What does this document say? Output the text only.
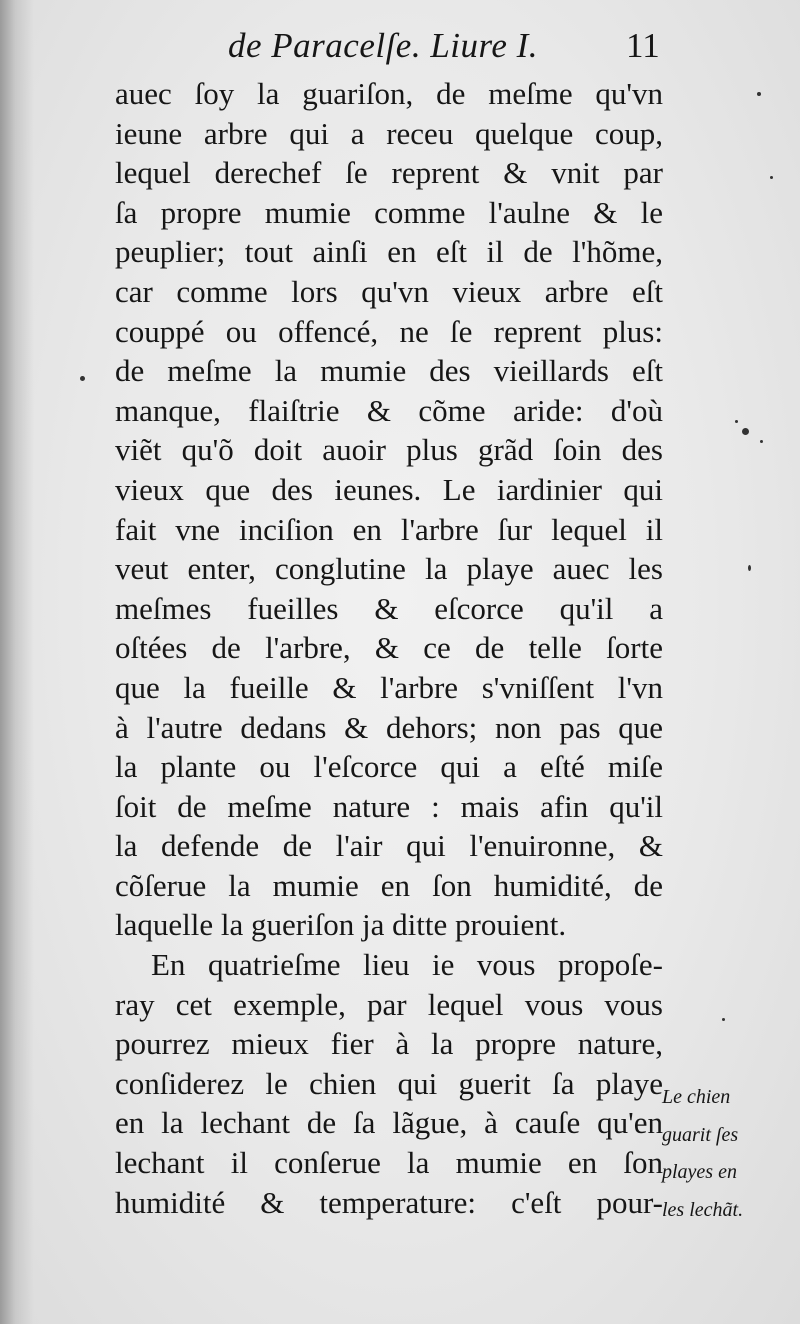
de Paracelſe. Liure I.	11
auec ſoy la guariſon, de meſme qu'vn
ieune arbre qui a receu quelque coup,
lequel derechef ſe reprent & vnit par
ſa propre mumie comme l'aulne & le
peuplier; tout ainſi en eſt il de l'hõme,
car comme lors qu'vn vieux arbre eſt
couppé ou offencé, ne ſe reprent plus:
de meſme la mumie des vieillards eſt
manque, flaiſtrie & cõme aride: d'où
viẽt qu'õ doit auoir plus grãd ſoin des
vieux que des ieunes. Le iardinier qui
fait vne inciſion en l'arbre ſur lequel il
veut enter, conglutine la playe auec les
meſmes fueilles & eſcorce qu'il a
oſtées de l'arbre, & ce de telle ſorte
que la fueille & l'arbre s'vniſſent l'vn
à l'autre dedans & dehors; non pas que
la plante ou l'eſcorce qui a eſté miſe
ſoit de meſme nature : mais afin qu'il
la defende de l'air qui l'enuironne, &
cõſerue la mumie en ſon humidité, de
laquelle la gueriſon ja ditte prouient.
En quatrieſme lieu ie vous propoſe-
ray cet exemple, par lequel vous vous
pourrez mieux fier à la propre nature,
conſiderez le chien qui guerit ſa playe
en la lechant de ſa lãgue, à cauſe qu'en
lechant il conſerue la mumie en ſon
humidité & temperature: c'eſt pour-
Le chien
guarit ſes
playes en
les lechãt.
